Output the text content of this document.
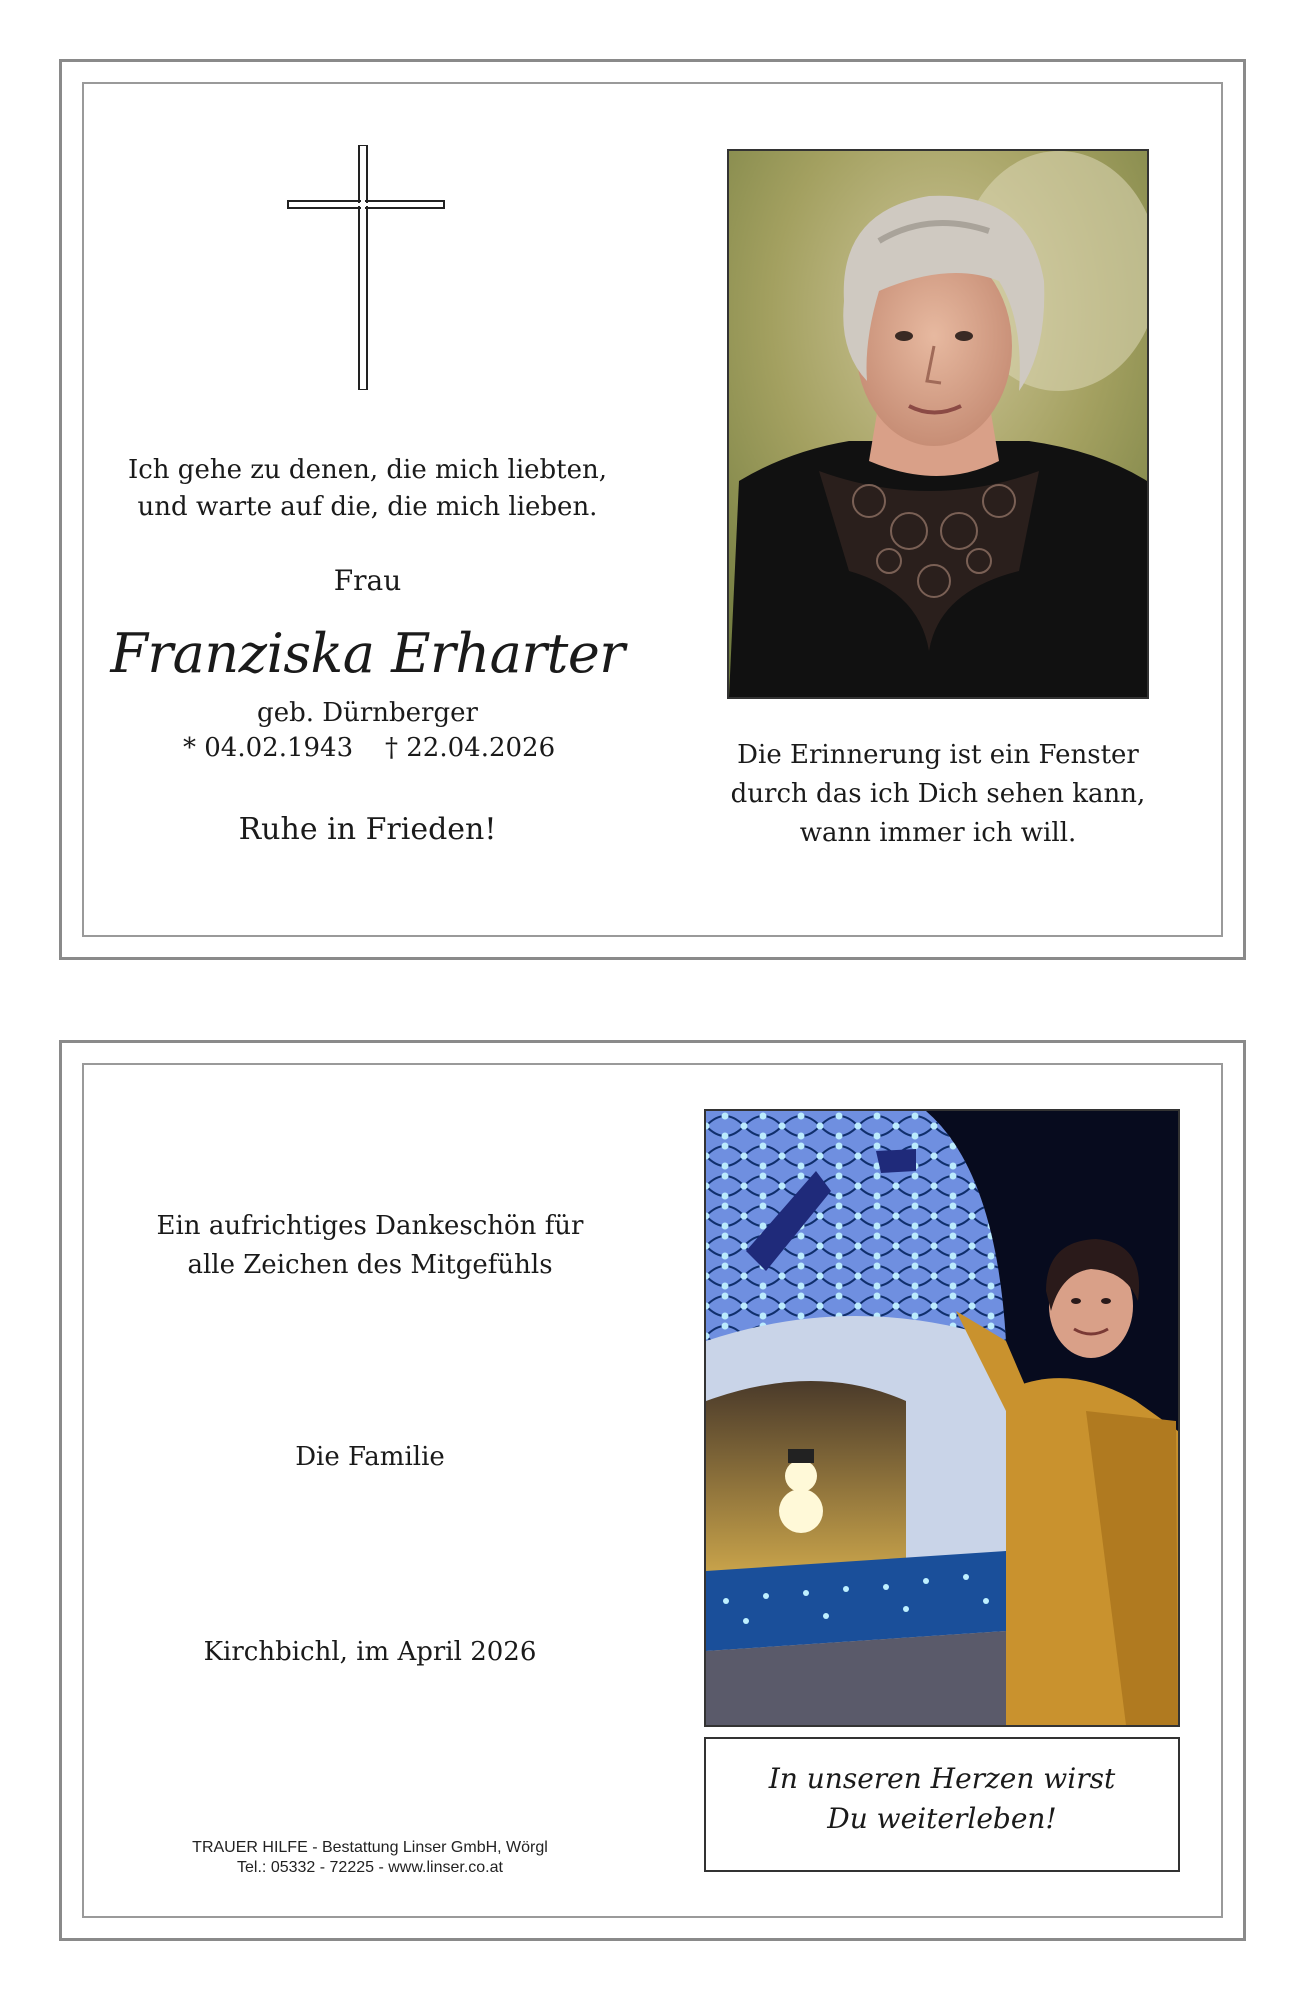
Ich gehe zu denen, die mich liebten,
und warte auf die, die mich lieben.
Frau
Franziska Erharter
geb. Dürnberger
* 04.02.1943 † 22.04.2026
Ruhe in Frieden!
Die Erinnerung ist ein Fenster
durch das ich Dich sehen kann,
wann immer ich will.
Ein aufrichtiges Dankeschön für
alle Zeichen des Mitgefühls
Die Familie
Kirchbichl, im April 2026
TRAUER HILFE - Bestattung Linser GmbH, Wörgl
Tel.: 05332 - 72225 - www.linser.co.at
In unseren Herzen wirst
Du weiterleben!
